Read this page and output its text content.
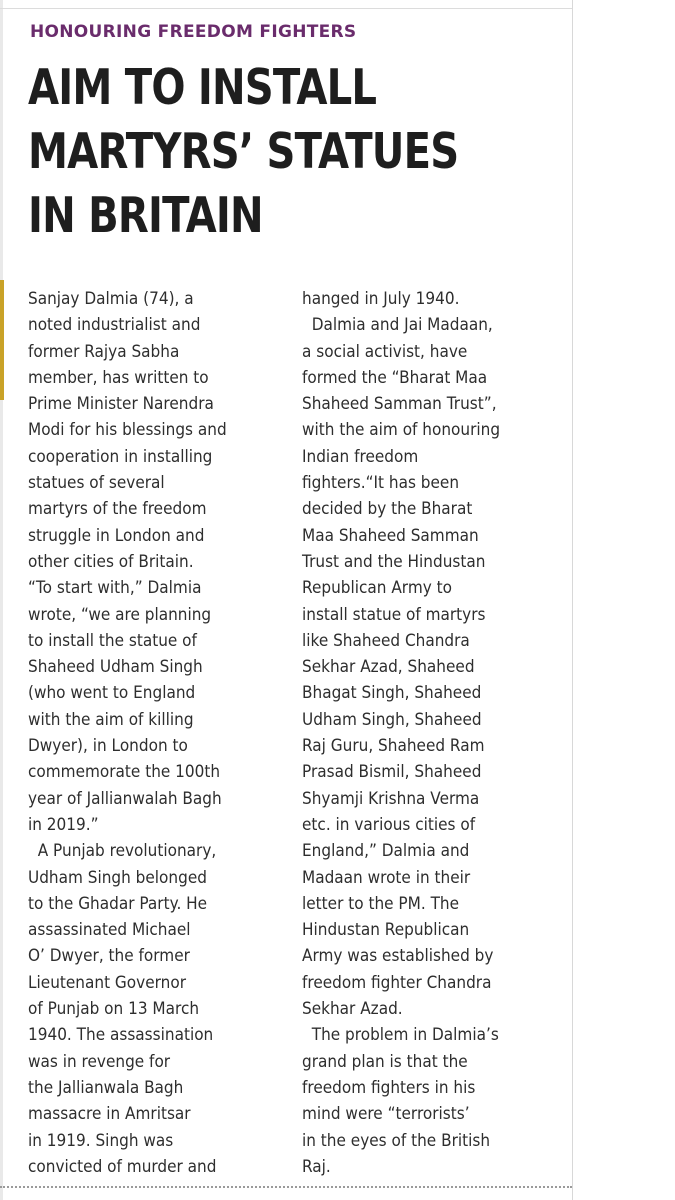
HONOURING FREEDOM FIGHTERS
AIM TO INSTALL
MARTYRS’ STATUES
IN BRITAIN
Sanjay Dalmia (74), a
noted industrialist and
former Rajya Sabha
member, has written to
Prime Minister Narendra
Modi for his blessings and
cooperation in installing
statues of several
martyrs of the freedom
struggle in London and
other cities of Britain.
“To start with,” Dalmia
wrote, “we are planning
to install the statue of
Shaheed Udham Singh
(who went to England
with the aim of killing
Dwyer), in London to
commemorate the 100th
year of Jallianwalah Bagh
in 2019.”
A Punjab revolutionary,
Udham Singh belonged
to the Ghadar Party. He
assassinated Michael
O’ Dwyer, the former
Lieutenant Governor
of Punjab on 13 March
1940. The assassination
was in revenge for
the Jallianwala Bagh
massacre in Amritsar
in 1919. Singh was
convicted of murder and
hanged in July 1940.
Dalmia and Jai Madaan,
a social activist, have
formed the “Bharat Maa
Shaheed Samman Trust”,
with the aim of honouring
Indian freedom
fighters.“It has been
decided by the Bharat
Maa Shaheed Samman
Trust and the Hindustan
Republican Army to
install statue of martyrs
like Shaheed Chandra
Sekhar Azad, Shaheed
Bhagat Singh, Shaheed
Udham Singh, Shaheed
Raj Guru, Shaheed Ram
Prasad Bismil, Shaheed
Shyamji Krishna Verma
etc. in various cities of
England,” Dalmia and
Madaan wrote in their
letter to the PM. The
Hindustan Republican
Army was established by
freedom fighter Chandra
Sekhar Azad.
The problem in Dalmia’s
grand plan is that the
freedom fighters in his
mind were “terrorists’
in the eyes of the British
Raj.
